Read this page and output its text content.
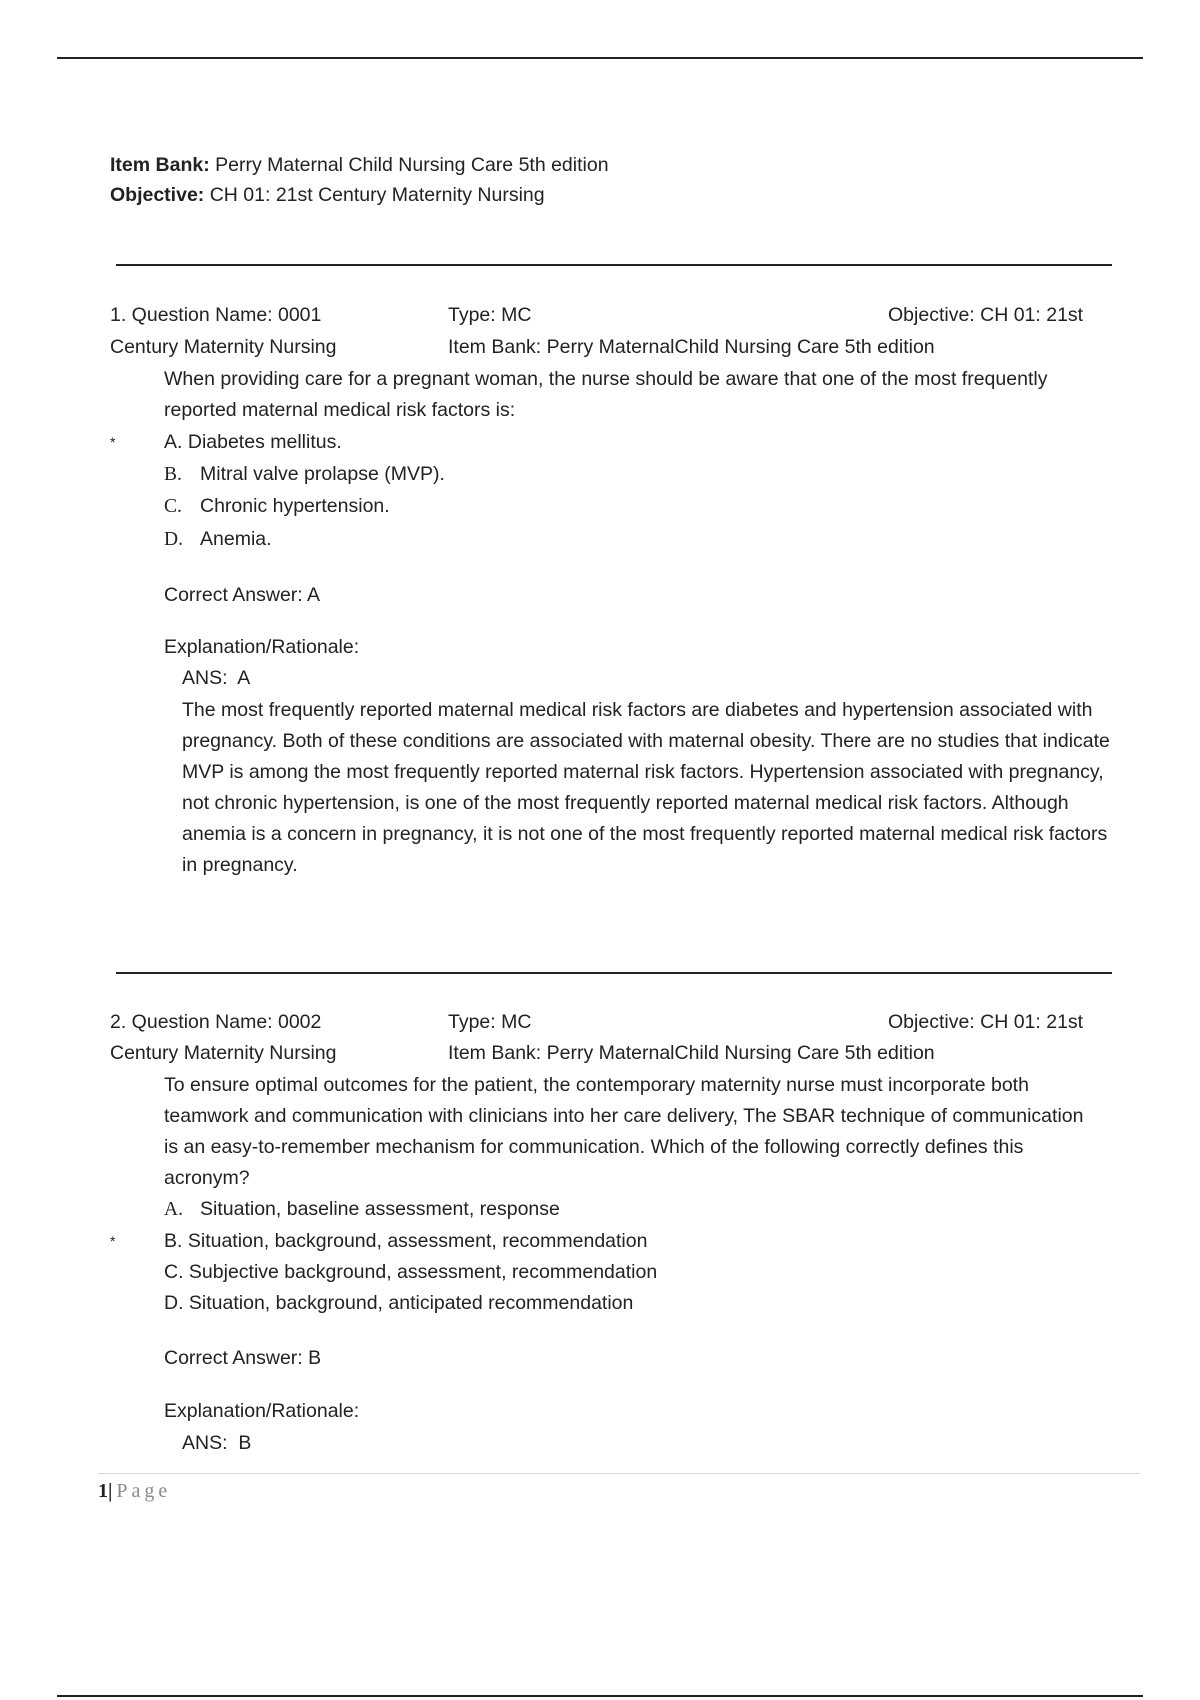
Item Bank: Perry Maternal Child Nursing Care 5th edition
Objective: CH 01: 21st Century Maternity Nursing
1. Question Name: 0001	Type: MC	Objective: CH 01: 21st
Century Maternity Nursing	Item Bank: Perry MaternalChild Nursing Care 5th edition
When providing care for a pregnant woman, the nurse should be aware that one of the most frequently reported maternal medical risk factors is:
* A. Diabetes mellitus.
B. Mitral valve prolapse (MVP).
C. Chronic hypertension.
D. Anemia.
Correct Answer: A
Explanation/Rationale:
ANS:  A
The most frequently reported maternal medical risk factors are diabetes and hypertension associated with pregnancy. Both of these conditions are associated with maternal obesity. There are no studies that indicate MVP is among the most frequently reported maternal risk factors. Hypertension associated with pregnancy, not chronic hypertension, is one of the most frequently reported maternal medical risk factors. Although anemia is a concern in pregnancy, it is not one of the most frequently reported maternal medical risk factors in pregnancy.
2. Question Name: 0002	Type: MC	Objective: CH 01: 21st
Century Maternity Nursing	Item Bank: Perry MaternalChild Nursing Care 5th edition
To ensure optimal outcomes for the patient, the contemporary maternity nurse must incorporate both teamwork and communication with clinicians into her care delivery, The SBAR technique of communication is an easy-to-remember mechanism for communication. Which of the following correctly defines this acronym?
A. Situation, baseline assessment, response
* B. Situation, background, assessment, recommendation
C. Subjective background, assessment, recommendation
D. Situation, background, anticipated recommendation
Correct Answer: B
Explanation/Rationale:
ANS:  B
1| Page
